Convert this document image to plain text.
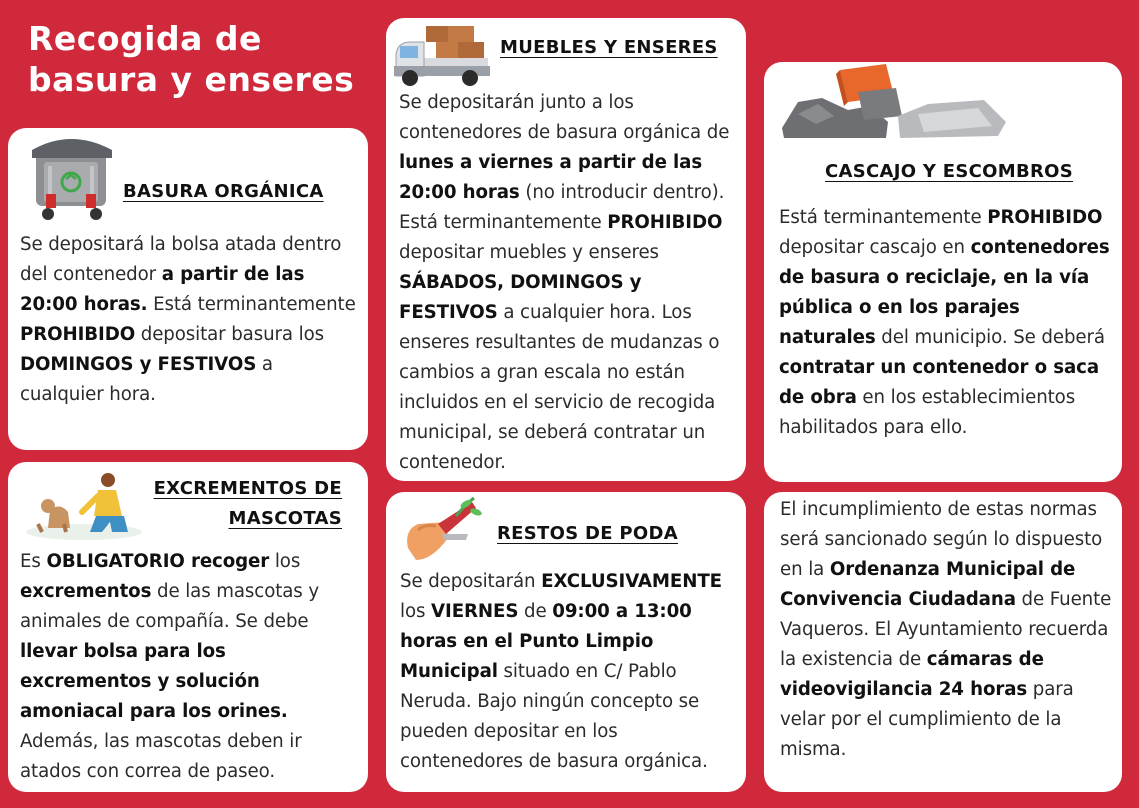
Recogida de
basura y enseres
BASURA ORGÁNICA
Se depositará la bolsa atada dentro del contenedor a partir de las 20:00 horas. Está terminantemente PROHIBIDO depositar basura los DOMINGOS y FESTIVOS a cualquier hora.
MUEBLES Y ENSERES
Se depositarán junto a los contenedores de basura orgánica de lunes a viernes a partir de las 20:00 horas (no introducir dentro). Está terminantemente PROHIBIDO depositar muebles y enseres SÁBADOS, DOMINGOS y FESTIVOS a cualquier hora. Los enseres resultantes de mudanzas o cambios a gran escala no están incluidos en el servicio de recogida municipal, se deberá contratar un contenedor.
CASCAJO Y ESCOMBROS
Está terminantemente PROHIBIDO depositar cascajo en contenedores de basura o reciclaje, en la vía pública o en los parajes naturales del municipio. Se deberá contratar un contenedor o saca de obra en los establecimientos habilitados para ello.
EXCREMENTOS DE
MASCOTAS
Es OBLIGATORIO recoger los excrementos de las mascotas y animales de compañía. Se debe llevar bolsa para los excrementos y solución amoniacal para los orines. Además, las mascotas deben ir atados con correa de paseo.
RESTOS DE PODA
Se depositarán EXCLUSIVAMENTE los VIERNES de 09:00 a 13:00 horas en el Punto Limpio Municipal situado en C/ Pablo Neruda. Bajo ningún concepto se pueden depositar en los contenedores de basura orgánica.
El incumplimiento de estas normas será sancionado según lo dispuesto en la Ordenanza Municipal de Convivencia Ciudadana de Fuente Vaqueros. El Ayuntamiento recuerda la existencia de cámaras de videovigilancia 24 horas para velar por el cumplimiento de la misma.
